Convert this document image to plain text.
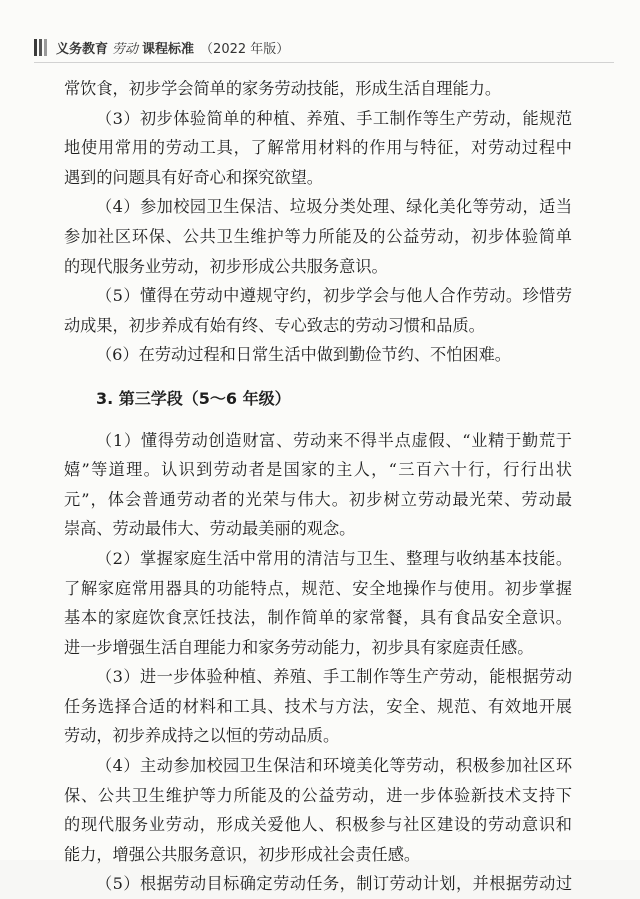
义务教育 劳动 课程标准 （2022 年版）
常饮食，初步学会简单的家务劳动技能，形成生活自理能力。
（3）初步体验简单的种植、养殖、手工制作等生产劳动，能规范
地使用常用的劳动工具，了解常用材料的作用与特征，对劳动过程中
遇到的问题具有好奇心和探究欲望。
（4）参加校园卫生保洁、垃圾分类处理、绿化美化等劳动，适当
参加社区环保、公共卫生维护等力所能及的公益劳动，初步体验简单
的现代服务业劳动，初步形成公共服务意识。
（5）懂得在劳动中遵规守约，初步学会与他人合作劳动。珍惜劳
动成果，初步养成有始有终、专心致志的劳动习惯和品质。
（6）在劳动过程和日常生活中做到勤俭节约、不怕困难。
3. 第三学段（5～6 年级）
（1）懂得劳动创造财富、劳动来不得半点虚假、“业精于勤荒于
嬉”等道理。认识到劳动者是国家的主人，“三百六十行，行行出状
元”，体会普通劳动者的光荣与伟大。初步树立劳动最光荣、劳动最
崇高、劳动最伟大、劳动最美丽的观念。
（2）掌握家庭生活中常用的清洁与卫生、整理与收纳基本技能。
了解家庭常用器具的功能特点，规范、安全地操作与使用。初步掌握
基本的家庭饮食烹饪技法，制作简单的家常餐，具有食品安全意识。
进一步增强生活自理能力和家务劳动能力，初步具有家庭责任感。
（3）进一步体验种植、养殖、手工制作等生产劳动，能根据劳动
任务选择合适的材料和工具、技术与方法，安全、规范、有效地开展
劳动，初步养成持之以恒的劳动品质。
（4）主动参加校园卫生保洁和环境美化等劳动，积极参加社区环
保、公共卫生维护等力所能及的公益劳动，进一步体验新技术支持下
的现代服务业劳动，形成关爱他人、积极参与社区建设的劳动意识和
能力，增强公共服务意识，初步形成社会责任感。
（5）根据劳动目标确定劳动任务，制订劳动计划，并根据劳动过
